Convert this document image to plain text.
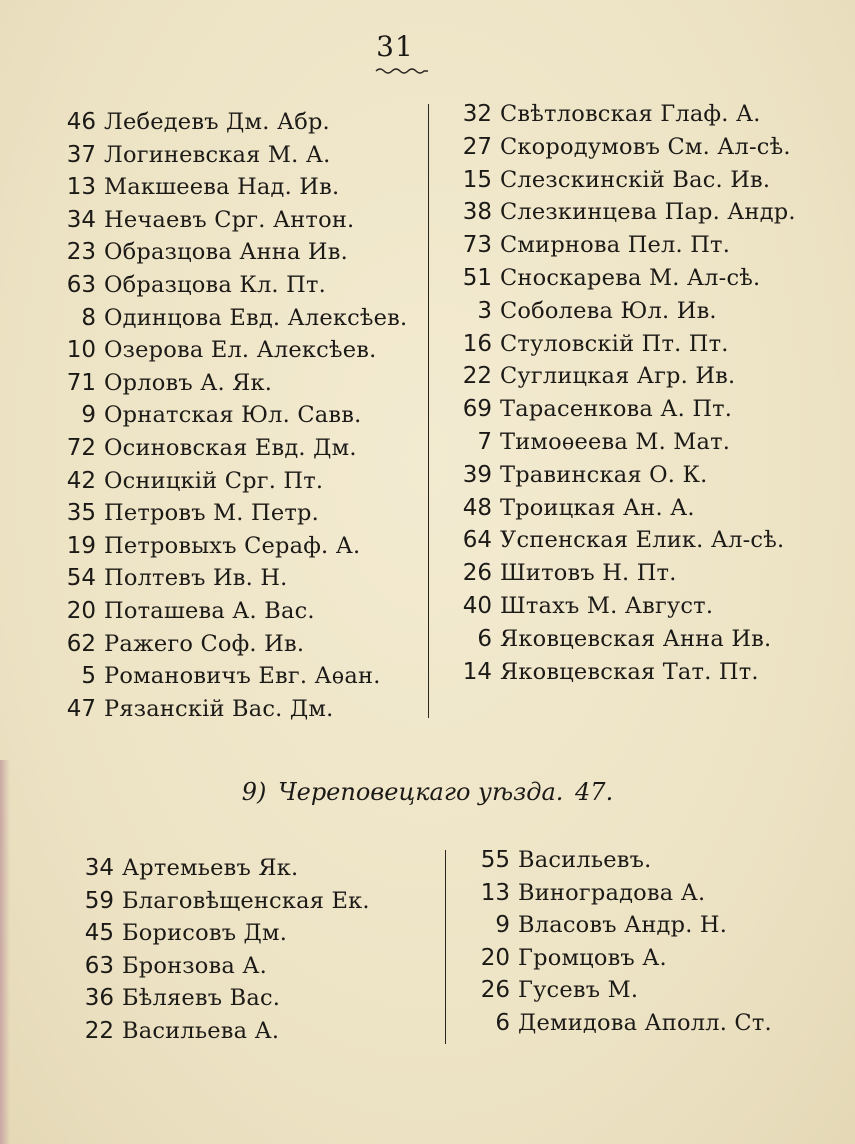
31
46 Лебедевъ Дм. Абр.
37 Логиневская М. А.
13 Макшеева Над. Ив.
34 Нечаевъ Срг. Антон.
23 Образцова Анна Ив.
63 Образцова Кл. Пт.
8 Одинцова Евд. Алексѣев.
10 Озерова Ел. Алексѣев.
71 Орловъ А. Як.
9 Орнатская Юл. Савв.
72 Осиновская Евд. Дм.
42 Осницкій Срг. Пт.
35 Петровъ М. Петр.
19 Петровыхъ Сераф. А.
54 Полтевъ Ив. Н.
20 Поташева А. Вас.
62 Ражего Соф. Ив.
5 Романовичъ Евг. Аѳан.
47 Рязанскій Вас. Дм.
32 Свѣтловская Глаф. А.
27 Скородумовъ См. Ал-сѣ.
15 Слезскинскій Вас. Ив.
38 Слезкинцева Пар. Андр.
73 Смирнова Пел. Пт.
51 Сноскарева М. Ал-сѣ.
3 Соболева Юл. Ив.
16 Стуловскій Пт. Пт.
22 Суглицкая Агр. Ив.
69 Тарасенкова А. Пт.
7 Тимоѳеева М. Мат.
39 Травинская О. К.
48 Троицкая Ан. А.
64 Успенская Елик. Ал-сѣ.
26 Шитовъ Н. Пт.
40 Штахъ М. Август.
6 Яковцевская Анна Ив.
14 Яковцевская Тат. Пт.
9) Череповецкаго уѣзда. 47.
34 Артемьевъ Як.
59 Благовѣщенская Ек.
45 Борисовъ Дм.
63 Бронзова А.
36 Бѣляевъ Вас.
22 Васильева А.
55 Васильевъ.
13 Виноградова А.
9 Власовъ Андр. Н.
20 Громцовъ А.
26 Гусевъ М.
6 Демидова Аполл. Ст.
